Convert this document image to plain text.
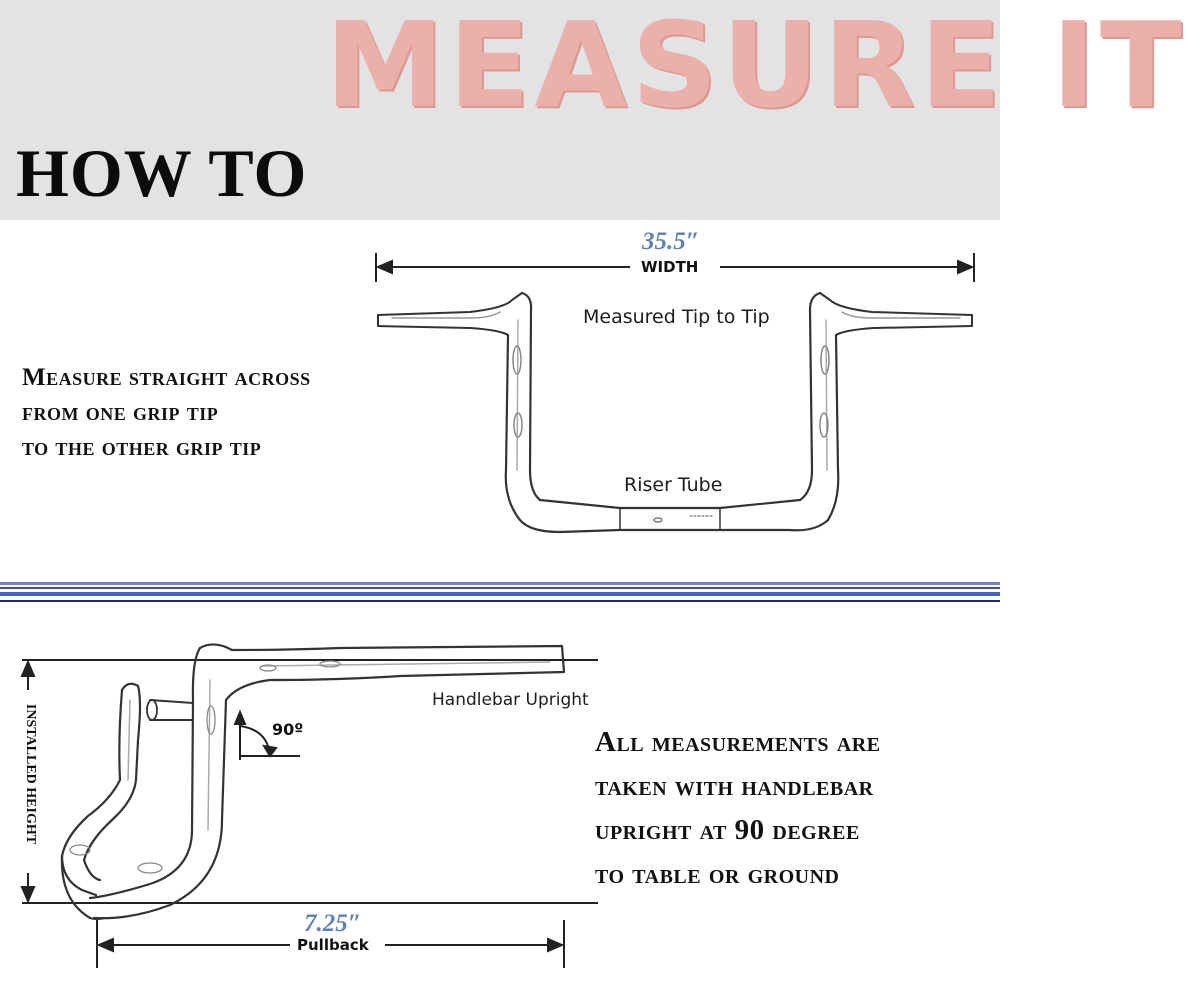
MEASURE IT
HOW TO
35.5″
WIDTH
Measured Tip to Tip
Riser Tube
Measure straight across
from one grip tip
to the other grip tip
INSTALLED HEIGHT	90º
Handlebar Upright
7.25″
Pullback
All measurements are
taken with handlebar
upright at 90 degree
to table or ground
